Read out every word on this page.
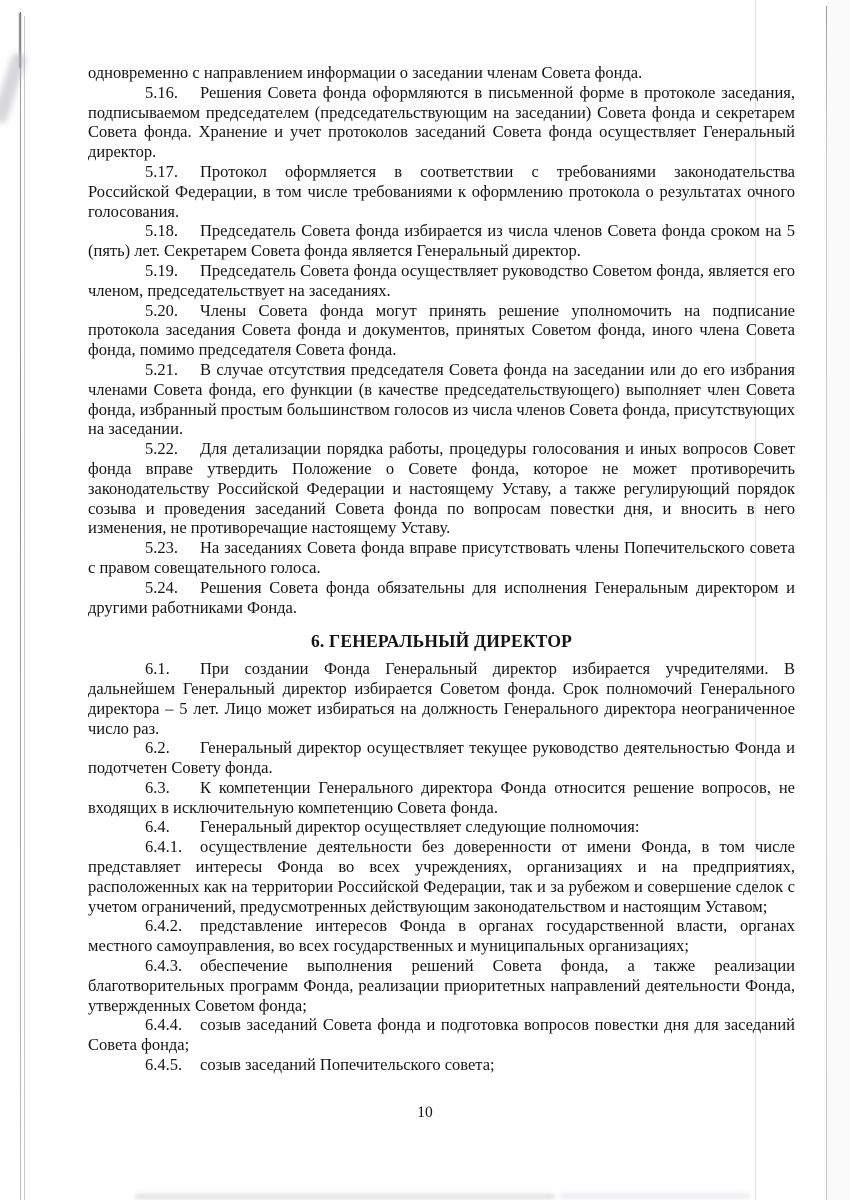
одновременно с направлением информации о заседании членам Совета фонда.

5.16. Решения Совета фонда оформляются в письменной форме в протоколе заседания, подписываемом председателем (председательствующим на заседании) Совета фонда и секретарем Совета фонда. Хранение и учет протоколов заседаний Совета фонда осуществляет Генеральный директор.

5.17. Протокол оформляется в соответствии с требованиями законодательства Российской Федерации, в том числе требованиями к оформлению протокола о результатах очного голосования.

5.18. Председатель Совета фонда избирается из числа членов Совета фонда сроком на 5 (пять) лет. Секретарем Совета фонда является Генеральный директор.

5.19. Председатель Совета фонда осуществляет руководство Советом фонда, является его членом, председательствует на заседаниях.

5.20. Члены Совета фонда могут принять решение уполномочить на подписание протокола заседания Совета фонда и документов, принятых Советом фонда, иного члена Совета фонда, помимо председателя Совета фонда.

5.21. В случае отсутствия председателя Совета фонда на заседании или до его избрания членами Совета фонда, его функции (в качестве председательствующего) выполняет член Совета фонда, избранный простым большинством голосов из числа членов Совета фонда, присутствующих на заседании.

5.22. Для детализации порядка работы, процедуры голосования и иных вопросов Совет фонда вправе утвердить Положение о Совете фонда, которое не может противоречить законодательству Российской Федерации и настоящему Уставу, а также регулирующий порядок созыва и проведения заседаний Совета фонда по вопросам повестки дня, и вносить в него изменения, не противоречащие настоящему Уставу.

5.23. На заседаниях Совета фонда вправе присутствовать члены Попечительского совета с правом совещательного голоса.

5.24. Решения Совета фонда обязательны для исполнения Генеральным директором и другими работниками Фонда.

6. ГЕНЕРАЛЬНЫЙ ДИРЕКТОР

6.1. При создании Фонда Генеральный директор избирается учредителями. В дальнейшем Генеральный директор избирается Советом фонда. Срок полномочий Генерального директора – 5 лет. Лицо может избираться на должность Генерального директора неограниченное число раз.

6.2. Генеральный директор осуществляет текущее руководство деятельностью Фонда и подотчетен Совету фонда.

6.3. К компетенции Генерального директора Фонда относится решение вопросов, не входящих в исключительную компетенцию Совета фонда.

6.4. Генеральный директор осуществляет следующие полномочия:

6.4.1. осуществление деятельности без доверенности от имени Фонда, в том числе представляет интересы Фонда во всех учреждениях, организациях и на предприятиях, расположенных как на территории Российской Федерации, так и за рубежом и совершение сделок с учетом ограничений, предусмотренных действующим законодательством и настоящим Уставом;

6.4.2. представление интересов Фонда в органах государственной власти, органах местного самоуправления, во всех государственных и муниципальных организациях;

6.4.3. обеспечение выполнения решений Совета фонда, а также реализации благотворительных программ Фонда, реализации приоритетных направлений деятельности Фонда, утвержденных Советом фонда;

6.4.4. созыв заседаний Совета фонда и подготовка вопросов повестки дня для заседаний Совета фонда;

6.4.5. созыв заседаний Попечительского совета;

10
